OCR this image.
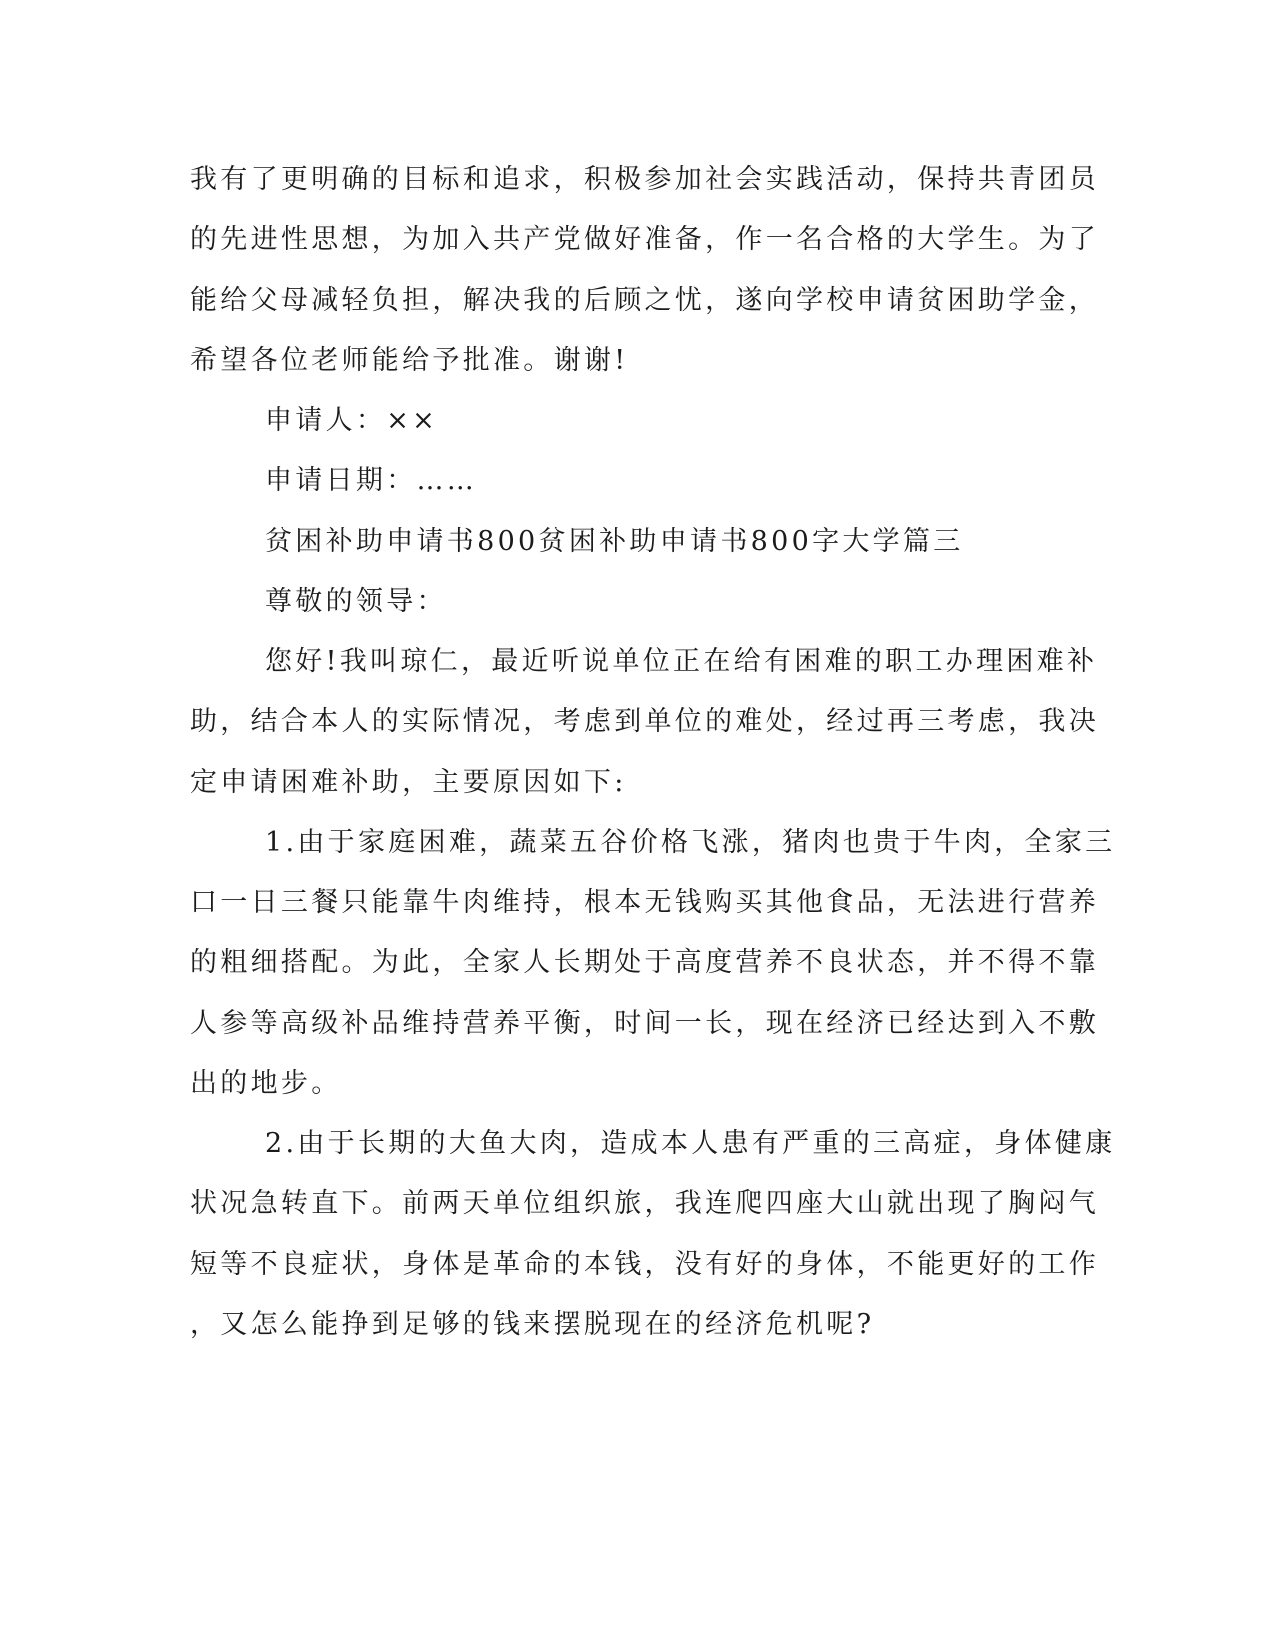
我有了更明确的目标和追求，积极参加社会实践活动，保持共青团员
的先进性思想，为加入共产党做好准备，作一名合格的大学生。为了
能给父母减轻负担，解决我的后顾之忧，遂向学校申请贫困助学金，
希望各位老师能给予批准。谢谢!
申请人：××
申请日期：……
贫困补助申请书800贫困补助申请书800字大学篇三
尊敬的领导：
您好!我叫琼仁，最近听说单位正在给有困难的职工办理困难补
助，结合本人的实际情况，考虑到单位的难处，经过再三考虑，我决
定申请困难补助，主要原因如下:
1.由于家庭困难，蔬菜五谷价格飞涨，猪肉也贵于牛肉，全家三
口一日三餐只能靠牛肉维持，根本无钱购买其他食品，无法进行营养
的粗细搭配。为此，全家人长期处于高度营养不良状态，并不得不靠
人参等高级补品维持营养平衡，时间一长，现在经济已经达到入不敷
出的地步。
2.由于长期的大鱼大肉，造成本人患有严重的三高症，身体健康
状况急转直下。前两天单位组织旅，我连爬四座大山就出现了胸闷气
短等不良症状，身体是革命的本钱，没有好的身体，不能更好的工作
，又怎么能挣到足够的钱来摆脱现在的经济危机呢?
